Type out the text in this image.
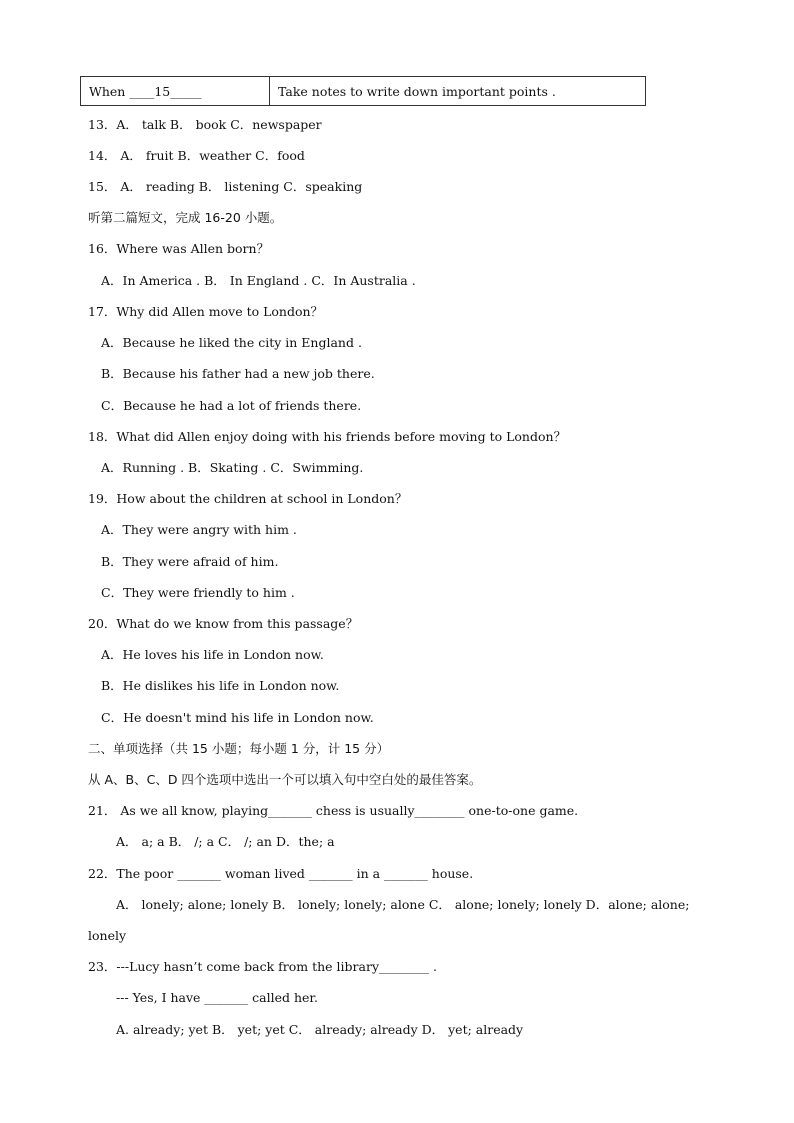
When ____15_____	Take notes to write down important points .
13．A． talk B． book C．newspaper
14． A． fruit B．weather C．food
15． A． reading B． listening C．speaking
听第二篇短文，完成 16-20 小题。
16．Where was Allen born？
A．In America . B． In England . C．In Australia .
17．Why did Allen move to London？
A．Because he liked the city in England .
B．Because his father had a new job there.
C．Because he had a lot of friends there.
18．What did Allen enjoy doing with his friends before moving to London？
A．Running . B．Skating . C．Swimming.
19．How about the children at school in London？
A．They were angry with him .
B．They were afraid of him.
C．They were friendly to him .
20．What do we know from this passage？
A．He loves his life in London now.
B．He dislikes his life in London now.
C．He doesn't mind his life in London now.
二、单项选择（共 15 小题；每小题 1 分，计 15 分）
从 A、B、C、D 四个选项中选出一个可以填入句中空白处的最佳答案。
21． As we all know, playing_______ chess is usually________ one-to-one game.
A． a; a B． /; a C． /; an D．the; a
22．The poor _______ woman lived _______ in a _______ house.
A． lonely; alone; lonely B． lonely; lonely; alone C． alone; lonely; lonely D．alone; alone;
lonely
23．---Lucy hasn’t come back from the library________ .
--- Yes, I have _______ called her.
A. already; yet B． yet; yet C． already; already D． yet; already
